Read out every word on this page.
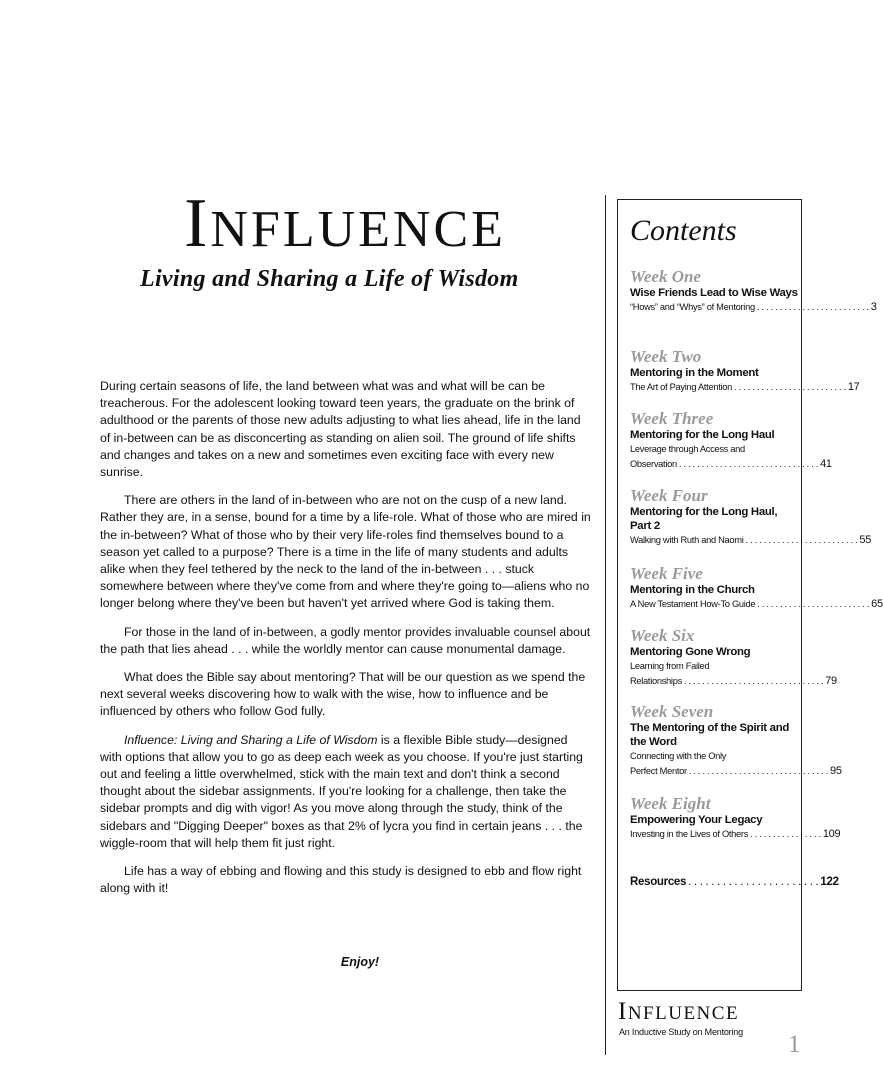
INFLUENCE
Living and Sharing a Life of Wisdom

During certain seasons of life, the land between what was and what will be can be treacherous. For the adolescent looking toward teen years, the graduate on the brink of adulthood or the parents of those new adults adjusting to what lies ahead, life in the land of in-between can be as disconcerting as standing on alien soil. The ground of life shifts and changes and takes on a new and sometimes even exciting face with every new sunrise.

There are others in the land of in-between who are not on the cusp of a new land. Rather they are, in a sense, bound for a time by a life-role. What of those who are mired in the in-between? What of those who by their very life-roles find themselves bound to a season yet called to a purpose? There is a time in the life of many students and adults alike when they feel tethered by the neck to the land of the in-between . . . stuck somewhere between where they've come from and where they're going to—aliens who no longer belong where they've been but haven't yet arrived where God is taking them.

For those in the land of in-between, a godly mentor provides invaluable counsel about the path that lies ahead . . . while the worldly mentor can cause monumental damage.

What does the Bible say about mentoring? That will be our question as we spend the next several weeks discovering how to walk with the wise, how to influence and be influenced by others who follow God fully.

Influence: Living and Sharing a Life of Wisdom is a flexible Bible study—designed with options that allow you to go as deep each week as you choose. If you're just starting out and feeling a little overwhelmed, stick with the main text and don't think a second thought about the sidebar assignments. If you're looking for a challenge, then take the sidebar prompts and dig with vigor! As you move along through the study, think of the sidebars and "Digging Deeper" boxes as that 2% of lycra you find in certain jeans . . . the wiggle-room that will help them fit just right.

Life has a way of ebbing and flowing and this study is designed to ebb and flow right along with it!

Enjoy!
Contents
Week One
Wise Friends Lead to Wise Ways
“Hows” and “Whys” of Mentoring . . . . . . . . . . . . . . . . . . . . . . . . . 3
Week Two
Mentoring in the Moment
The Art of Paying Attention . . . . . . . . . . . . . . . . . . . . . . . . . 17
Week Three
Mentoring for the Long Haul
Leverage through Access and
Observation . . . . . . . . . . . . . . . . . . . . . . . . . . . . . . . 41
Week Four
Mentoring for the Long Haul, Part 2
Walking with Ruth and Naomi . . . . . . . . . . . . . . . . . . . . . . . . . 55
Week Five
Mentoring in the Church
A New Testament How-To Guide . . . . . . . . . . . . . . . . . . . . . . . . . 65
Week Six
Mentoring Gone Wrong
Learning from Failed
Relationships . . . . . . . . . . . . . . . . . . . . . . . . . . . . . . . 79
Week Seven
The Mentoring of the Spirit and the Word
Connecting with the Only
Perfect Mentor . . . . . . . . . . . . . . . . . . . . . . . . . . . . . . . 95
Week Eight
Empowering Your Legacy
Investing in the Lives of Others . . . . . . . . . . . . . . . . 109
Resources . . . . . . . . . . . . . . . . . . . . . . . 122
INFLUENCE
An Inductive Study on Mentoring 1
